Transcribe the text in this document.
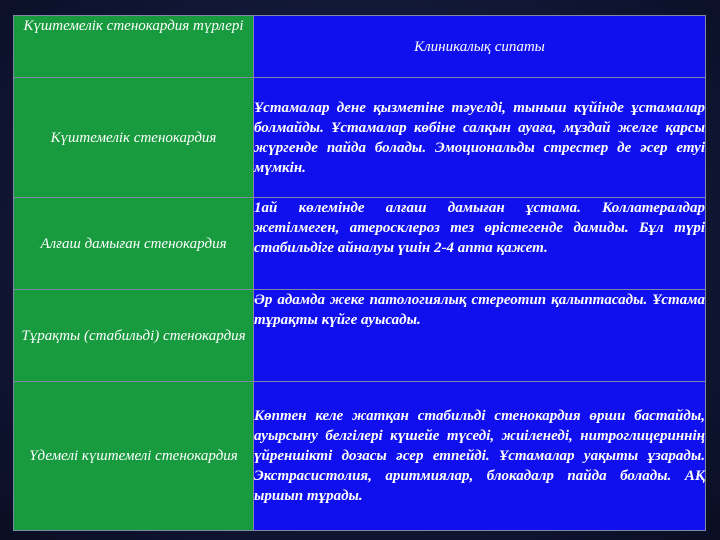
Күштемелік стенокардия түрлері	Клиникалық сипаты
Күштемелік стенокардия	Ұстамалар дене қызметіне тәуелді, тыныш күйінде ұстамалар болмайды. Ұстамалар көбіне салқын ауаға, мұздай желге қарсы жүргенде пайда болады. Эмоциональды стрестер де әсер етуі мүмкін.
Алғаш дамыған стенокардия	1ай көлемінде алғаш дамыған ұстама. Коллатералдар жетілмеген, атеросклероз тез өрістегенде дамиды. Бұл түрі стабильдіге айналуы үшін 2-4 апта қажет.
Тұрақты (стабильді) стенокардия	Әр адамда жеке патологиялық стереотип қалыптасады. Ұстама тұрақты күйге ауысады.
Үдемелі күштемелі стенокардия	Көптен келе жатқан стабильді стенокардия өрши бастайды, ауырсыну белгілері күшейе түседі, жиіленеді, нитроглицериннің үйреншікті дозасы әсер етпейді. Ұстамалар уақыты ұзарады. Экстрасистолия, аритмиялар, блокадалр пайда болады. АҚ ыршып тұрады.
